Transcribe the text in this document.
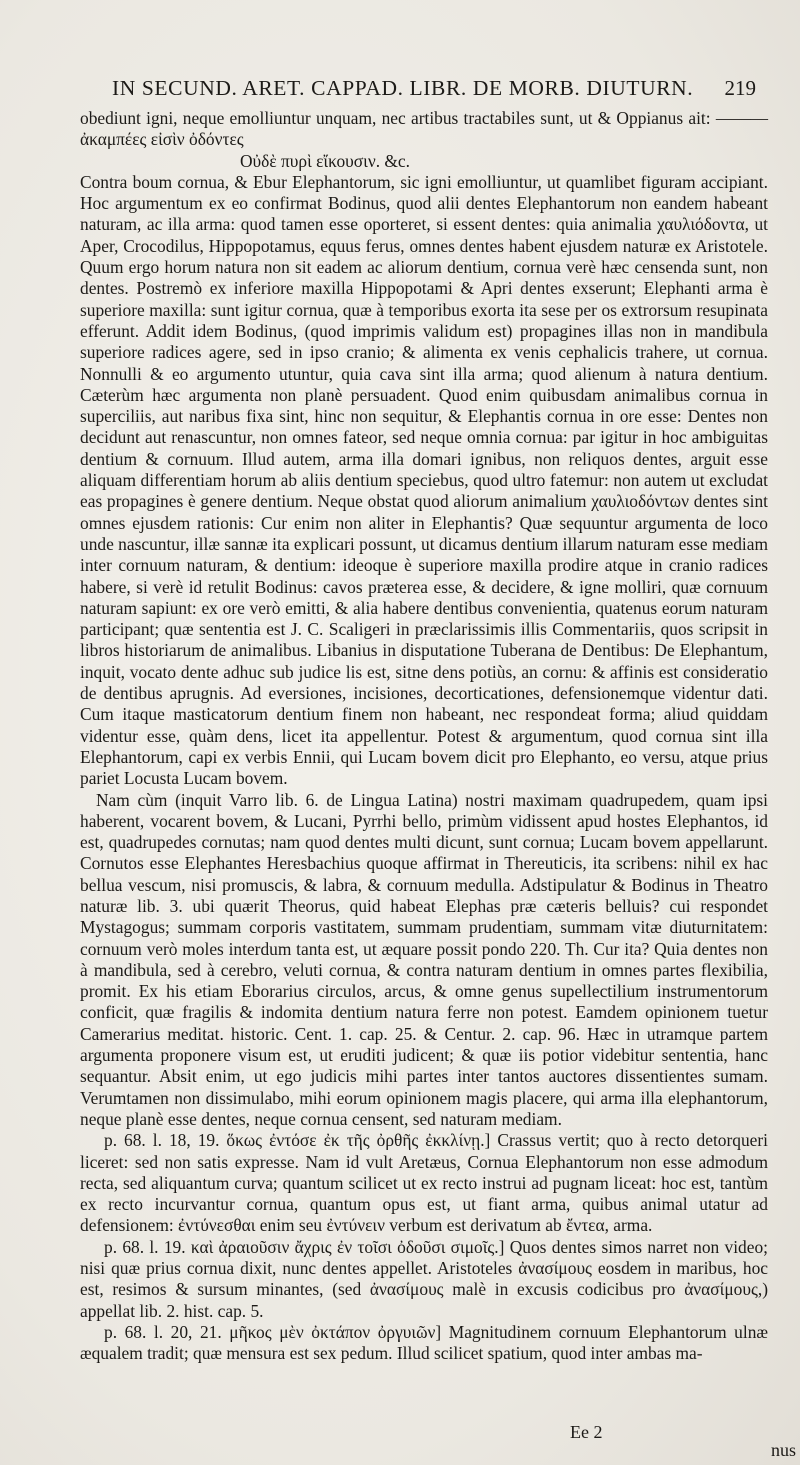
IN SECUND. ARET. CAPPAD. LIBR. DE MORB. DIUTURN. 219

obediunt igni, neque emolliuntur unquam, nec artibus tractabiles sunt, ut & Oppianus ait: ——— ἀκαμπέες εἰσὶν ὀδόντες

Οὐδὲ πυρὶ εἴκουσιν. &c.

Contra boum cornua, & Ebur Elephantorum, sic igni emolliuntur, ut quamlibet figuram accipiant. Hoc argumentum ex eo confirmat Bodinus, quod alii dentes Elephantorum non eandem habeant naturam, ac illa arma: quod tamen esse oporteret, si essent dentes: quia animalia χαυλιόδοντα, ut Aper, Crocodilus, Hippopotamus, equus ferus, omnes dentes habent ejusdem naturæ ex Aristotele. Quum ergo horum natura non sit eadem ac aliorum dentium, cornua verè hæc censenda sunt, non dentes. Postremò ex inferiore maxilla Hippopotami & Apri dentes exserunt; Elephanti arma è superiore maxilla: sunt igitur cornua, quæ à temporibus exorta ita sese per os extrorsum resupinata efferunt. Addit idem Bodinus, (quod imprimis validum est) propagines illas non in mandibula superiore radices agere, sed in ipso cranio; & alimenta ex venis cephalicis trahere, ut cornua. Nonnulli & eo argumento utuntur, quia cava sint illa arma; quod alienum à natura dentium. Cæterùm hæc argumenta non planè persuadent. Quod enim quibusdam animalibus cornua in superciliis, aut naribus fixa sint, hinc non sequitur, & Elephantis cornua in ore esse: Dentes non decidunt aut renascuntur, non omnes fateor, sed neque omnia cornua: par igitur in hoc ambiguitas dentium & cornuum. Illud autem, arma illa domari ignibus, non reliquos dentes, arguit esse aliquam differentiam horum ab aliis dentium speciebus, quod ultro fatemur: non autem ut excludat eas propagines è genere dentium. Neque obstat quod aliorum animalium χαυλιοδόντων dentes sint omnes ejusdem rationis: Cur enim non aliter in Elephantis? Quæ sequuntur argumenta de loco unde nascuntur, illæ sannæ ita explicari possunt, ut dicamus dentium illarum naturam esse mediam inter cornuum naturam, & dentium: ideoque è superiore maxilla prodire atque in cranio radices habere, si verè id retulit Bodinus: cavos præterea esse, & decidere, & igne molliri, quæ cornuum naturam sapiunt: ex ore verò emitti, & alia habere dentibus convenientia, quatenus eorum naturam participant; quæ sententia est J. C. Scaligeri in præclarissimis illis Commentariis, quos scripsit in libros historiarum de animalibus. Libanius in disputatione Tuberana de Dentibus: De Elephantum, inquit, vocato dente adhuc sub judice lis est, sitne dens potiùs, an cornu: & affinis est consideratio de dentibus aprugnis. Ad eversiones, incisiones, decorticationes, defensionemque videntur dati. Cum itaque masticatorum dentium finem non habeant, nec respondeat forma; aliud quiddam videntur esse, quàm dens, licet ita appellentur. Potest & argumentum, quod cornua sint illa Elephantorum, capi ex verbis Ennii, qui Lucam bovem dicit pro Elephanto, eo versu, atque prius pariet Locusta Lucam bovem.

Nam cùm (inquit Varro lib. 6. de Lingua Latina) nostri maximam quadrupedem, quam ipsi haberent, vocarent bovem, & Lucani, Pyrrhi bello, primùm vidissent apud hostes Elephantos, id est, quadrupedes cornutas; nam quod dentes multi dicunt, sunt cornua; Lucam bovem appellarunt. Cornutos esse Elephantes Heresbachius quoque affirmat in Thereuticis, ita scribens: nihil ex hac bellua vescum, nisi promuscis, & labra, & cornuum medulla. Adstipulatur & Bodinus in Theatro naturæ lib. 3. ubi quærit Theorus, quid habeat Elephas præ cæteris belluis? cui respondet Mystagogus; summam corporis vastitatem, summam prudentiam, summam vitæ diuturnitatem: cornuum verò moles interdum tanta est, ut æquare possit pondo 220. Th. Cur ita? Quia dentes non à mandibula, sed à cerebro, veluti cornua, & contra naturam dentium in omnes partes flexibilia, promit. Ex his etiam Eborarius circulos, arcus, & omne genus supellectilium instrumentorum conficit, quæ fragilis & indomita dentium natura ferre non potest. Eamdem opinionem tuetur Camerarius meditat. historic. Cent. 1. cap. 25. & Centur. 2. cap. 96. Hæc in utramque partem argumenta proponere visum est, ut eruditi judicent; & quæ iis potior videbitur sententia, hanc sequantur. Absit enim, ut ego judicis mihi partes inter tantos auctores dissentientes sumam. Verumtamen non dissimulabo, mihi eorum opinionem magis placere, qui arma illa elephantorum, neque planè esse dentes, neque cornua censent, sed naturam mediam.

p. 68. l. 18, 19. ὅκως ἐντόσε ἐκ τῆς ὀρθῆς ἐκκλίνῃ.] Crassus vertit; quo à recto detorqueri liceret: sed non satis expresse. Nam id vult Aretæus, Cornua Elephantorum non esse admodum recta, sed aliquantum curva; quantum scilicet ut ex recto instrui ad pugnam liceat: hoc est, tantùm ex recto incurvantur cornua, quantum opus est, ut fiant arma, quibus animal utatur ad defensionem: ἐντύνεσθαι enim seu ἐντύνειν verbum est derivatum ab ἔντεα, arma.

p. 68. l. 19. καὶ ἀραιοῦσιν ἄχρις ἐν τοῖσι ὀδοῦσι σιμοῖς.] Quos dentes simos narret non video; nisi quæ prius cornua dixit, nunc dentes appellet. Aristoteles ἀνασίμους eosdem in maribus, hoc est, resimos & sursum minantes, (sed ἀνασίμους malè in excusis codicibus pro ἀνασίμους,) appellat lib. 2. hist. cap. 5.

p. 68. l. 20, 21. μῆκος μὲν ὀκτάπον ὀργυιῶν] Magnitudinem cornuum Elephantorum ulnæ æqualem tradit; quæ mensura est sex pedum. Illud scilicet spatium, quod inter ambas ma-

Ee 2
nus
